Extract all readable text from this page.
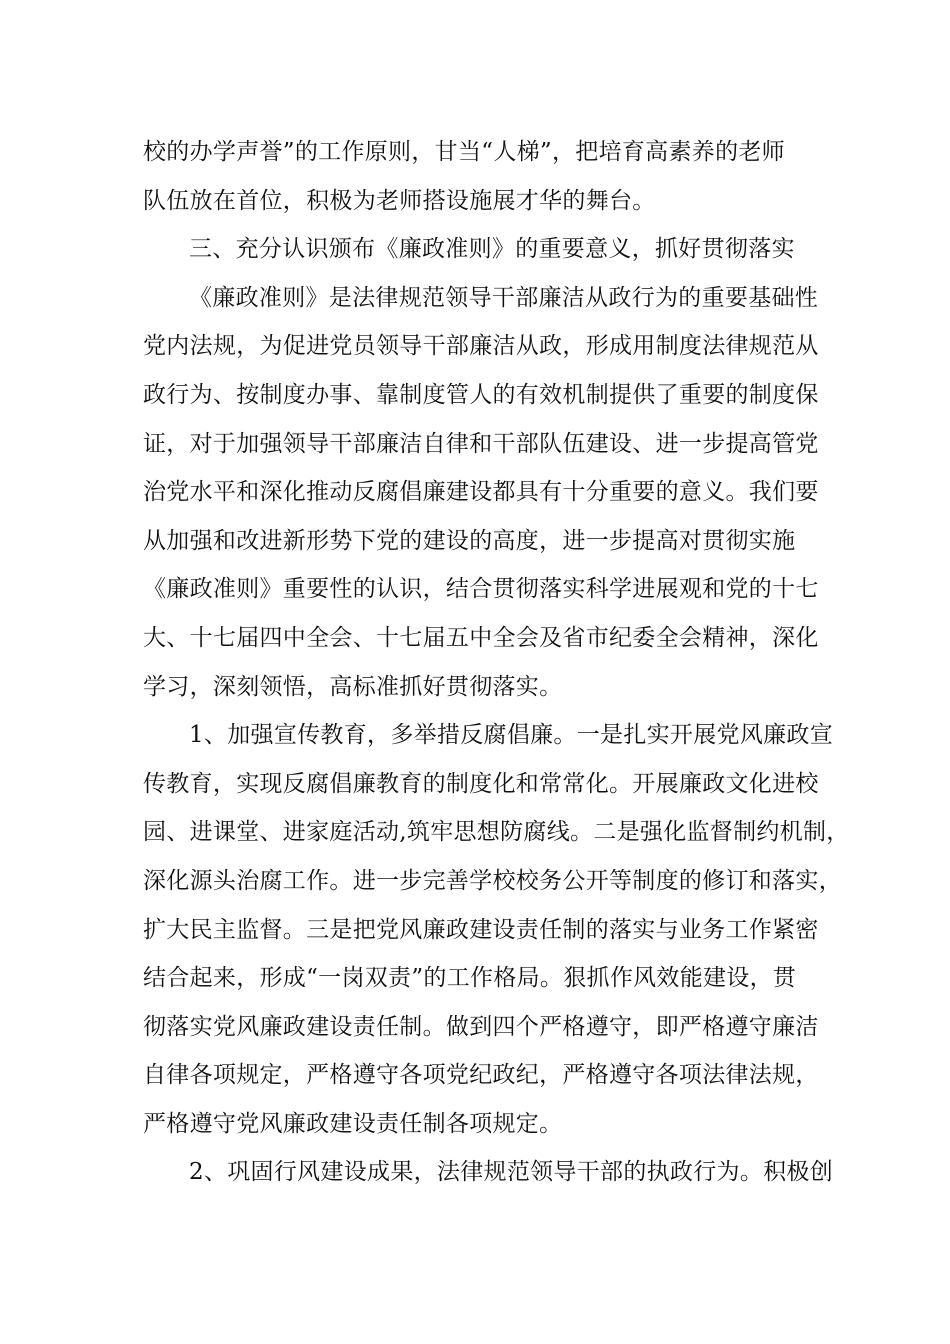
校的办学声誉”的工作原则，甘当“人梯”，把培育高素养的老师
队伍放在首位，积极为老师搭设施展才华的舞台。
三、充分认识颁布《廉政准则》的重要意义，抓好贯彻落实
《廉政准则》是法律规范领导干部廉洁从政行为的重要基础性
党内法规，为促进党员领导干部廉洁从政，形成用制度法律规范从
政行为、按制度办事、靠制度管人的有效机制提供了重要的制度保
证，对于加强领导干部廉洁自律和干部队伍建设、进一步提高管党
治党水平和深化推动反腐倡廉建设都具有十分重要的意义。我们要
从加强和改进新形势下党的建设的高度，进一步提高对贯彻实施
《廉政准则》重要性的认识，结合贯彻落实科学进展观和党的十七
大、十七届四中全会、十七届五中全会及省市纪委全会精神，深化
学习，深刻领悟，高标准抓好贯彻落实。
1、加强宣传教育，多举措反腐倡廉。一是扎实开展党风廉政宣
传教育，实现反腐倡廉教育的制度化和常常化。开展廉政文化进校
园、进课堂、进家庭活动,筑牢思想防腐线。二是强化监督制约机制，
深化源头治腐工作。进一步完善学校校务公开等制度的修订和落实，
扩大民主监督。三是把党风廉政建设责任制的落实与业务工作紧密
结合起来，形成“一岗双责”的工作格局。狠抓作风效能建设，贯
彻落实党风廉政建设责任制。做到四个严格遵守，即严格遵守廉洁
自律各项规定，严格遵守各项党纪政纪，严格遵守各项法律法规，
严格遵守党风廉政建设责任制各项规定。
2、巩固行风建设成果，法律规范领导干部的执政行为。积极创
